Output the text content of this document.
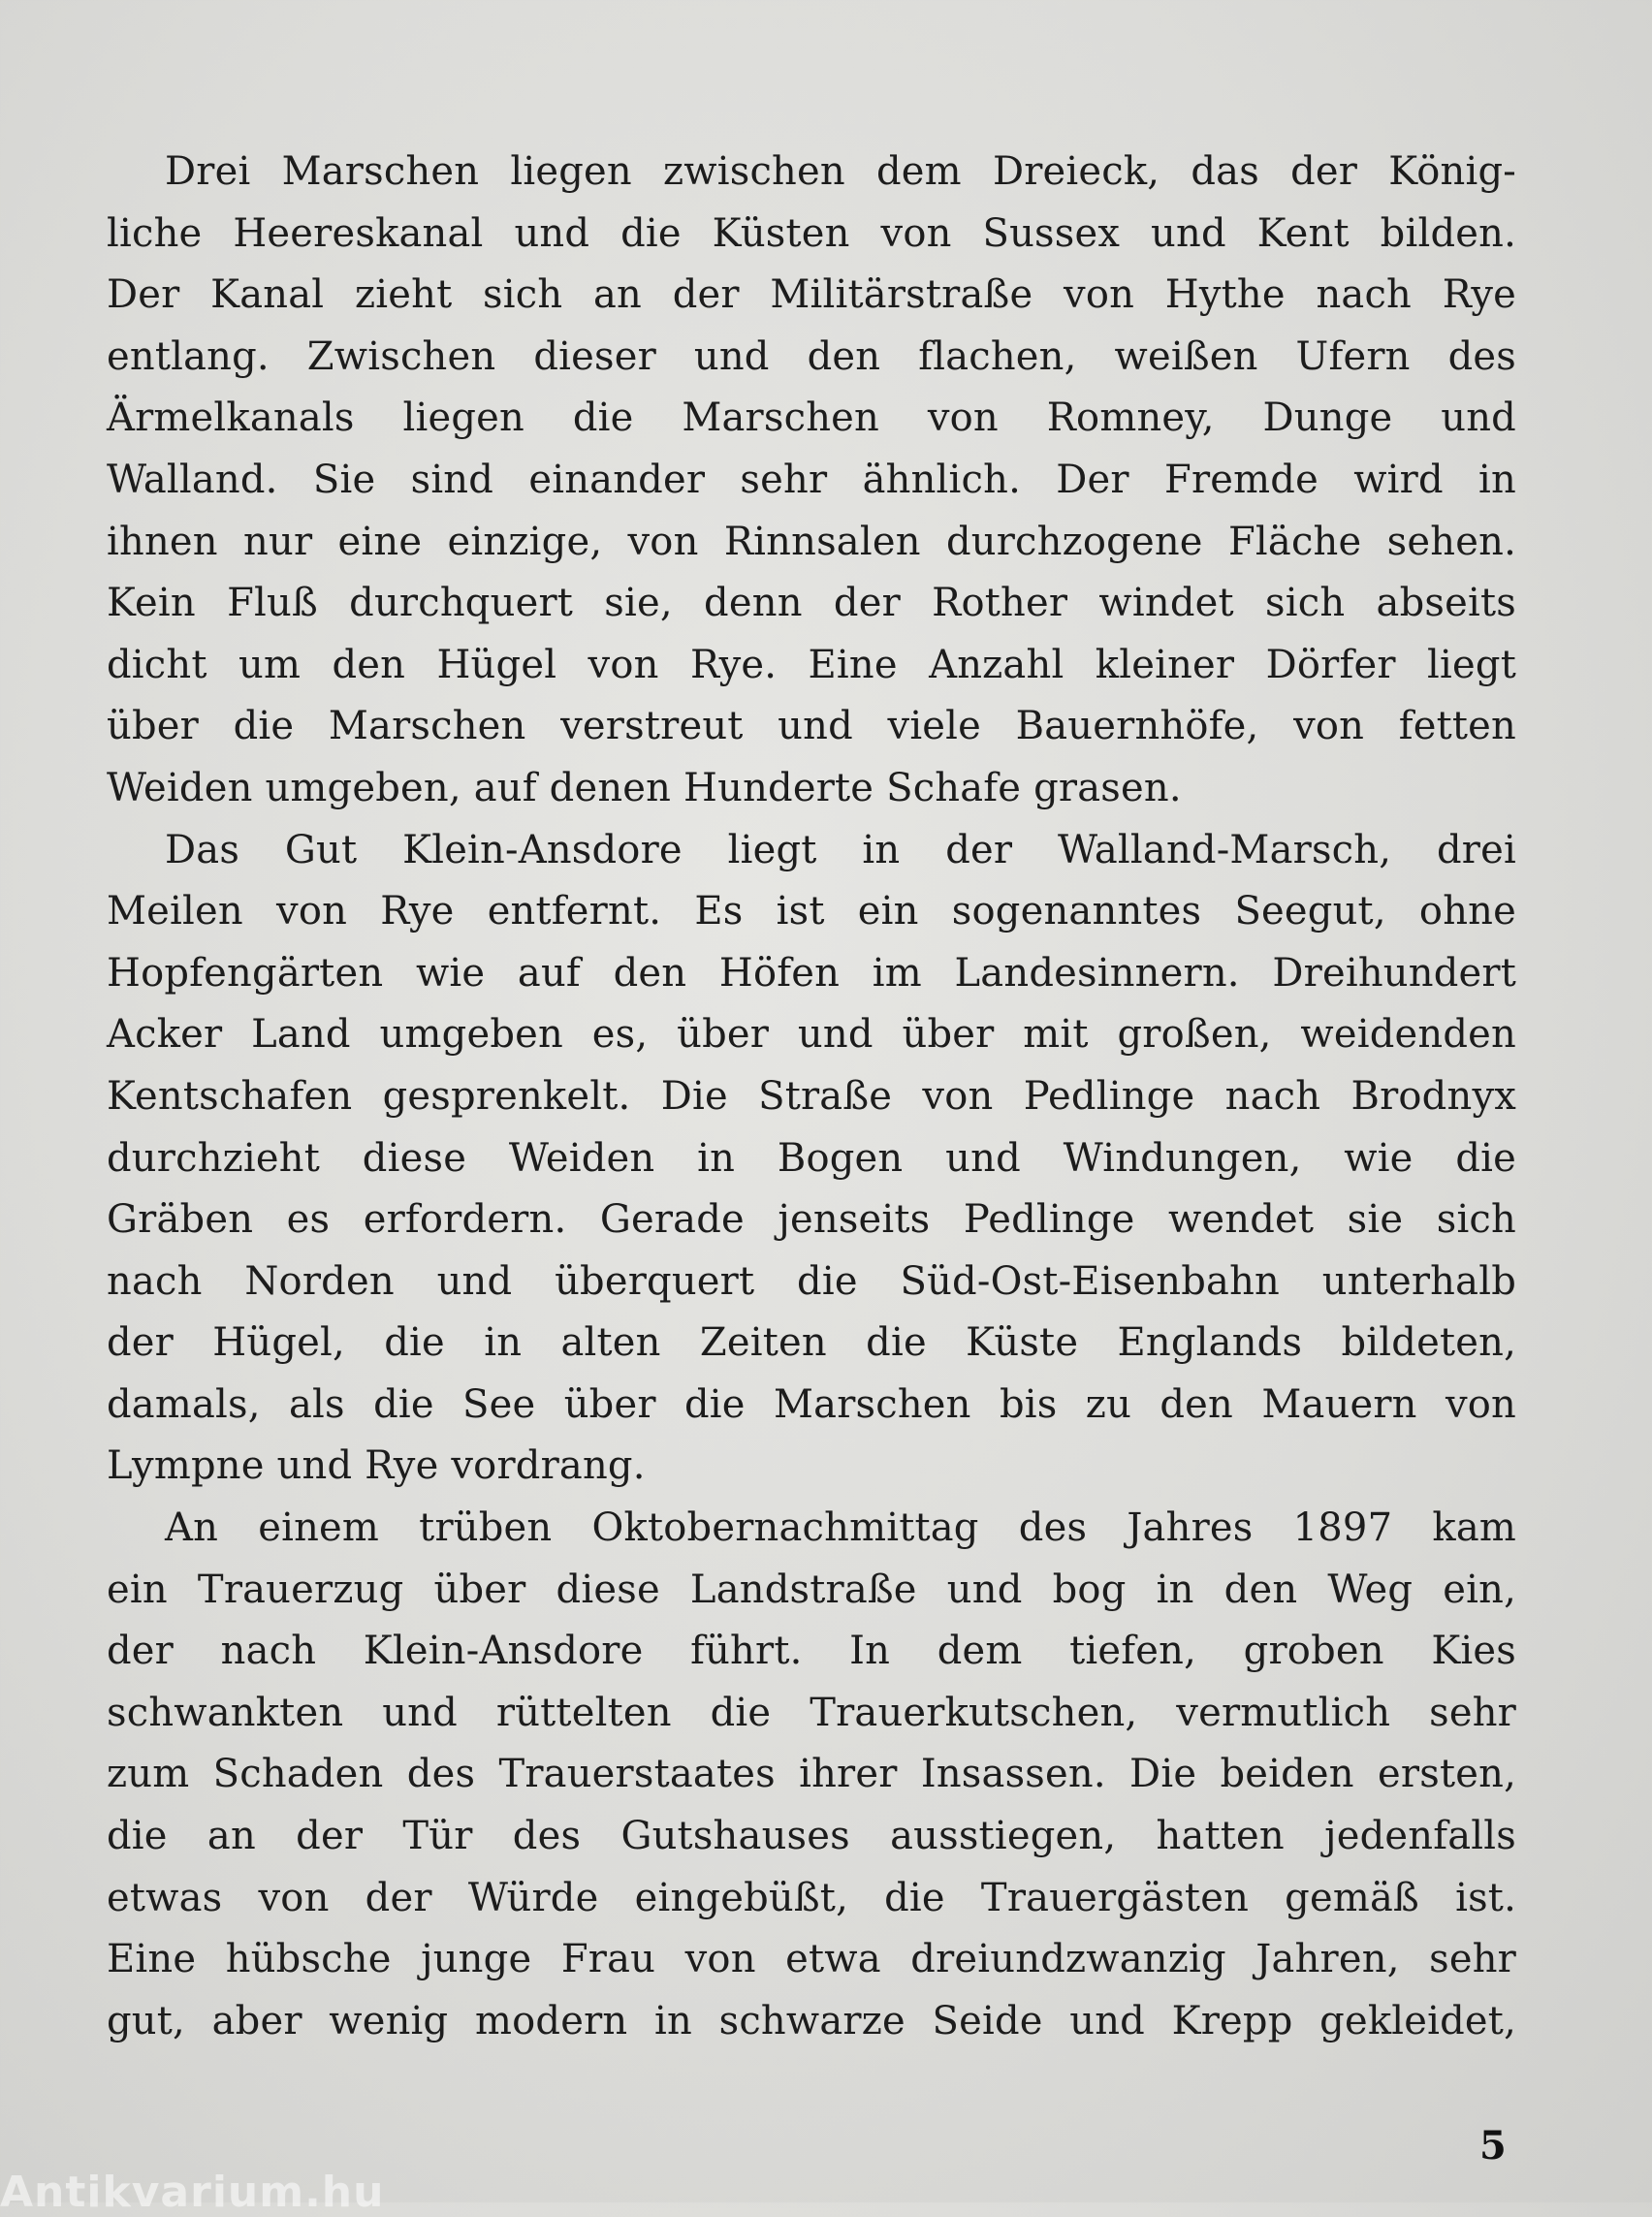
Drei Marschen liegen zwischen dem Dreieck, das der König-
liche Heereskanal und die Küsten von Sussex und Kent bilden.
Der Kanal zieht sich an der Militärstraße von Hythe nach Rye
entlang. Zwischen dieser und den flachen, weißen Ufern des
Ärmelkanals liegen die Marschen von Romney, Dunge und
Walland. Sie sind einander sehr ähnlich. Der Fremde wird in
ihnen nur eine einzige, von Rinnsalen durchzogene Fläche sehen.
Kein Fluß durchquert sie, denn der Rother windet sich abseits
dicht um den Hügel von Rye. Eine Anzahl kleiner Dörfer liegt
über die Marschen verstreut und viele Bauernhöfe, von fetten
Weiden umgeben, auf denen Hunderte Schafe grasen.
Das Gut Klein-Ansdore liegt in der Walland-Marsch, drei
Meilen von Rye entfernt. Es ist ein sogenanntes Seegut, ohne
Hopfengärten wie auf den Höfen im Landesinnern. Dreihundert
Acker Land umgeben es, über und über mit großen, weidenden
Kentschafen gesprenkelt. Die Straße von Pedlinge nach Brodnyx
durchzieht diese Weiden in Bogen und Windungen, wie die
Gräben es erfordern. Gerade jenseits Pedlinge wendet sie sich
nach Norden und überquert die Süd-Ost-Eisenbahn unterhalb
der Hügel, die in alten Zeiten die Küste Englands bildeten,
damals, als die See über die Marschen bis zu den Mauern von
Lympne und Rye vordrang.
An einem trüben Oktobernachmittag des Jahres 1897 kam
ein Trauerzug über diese Landstraße und bog in den Weg ein,
der nach Klein-Ansdore führt. In dem tiefen, groben Kies
schwankten und rüttelten die Trauerkutschen, vermutlich sehr
zum Schaden des Trauerstaates ihrer Insassen. Die beiden ersten,
die an der Tür des Gutshauses ausstiegen, hatten jedenfalls
etwas von der Würde eingebüßt, die Trauergästen gemäß ist.
Eine hübsche junge Frau von etwa dreiundzwanzig Jahren, sehr
gut, aber wenig modern in schwarze Seide und Krepp gekleidet,
5
Antikvarium.hu
